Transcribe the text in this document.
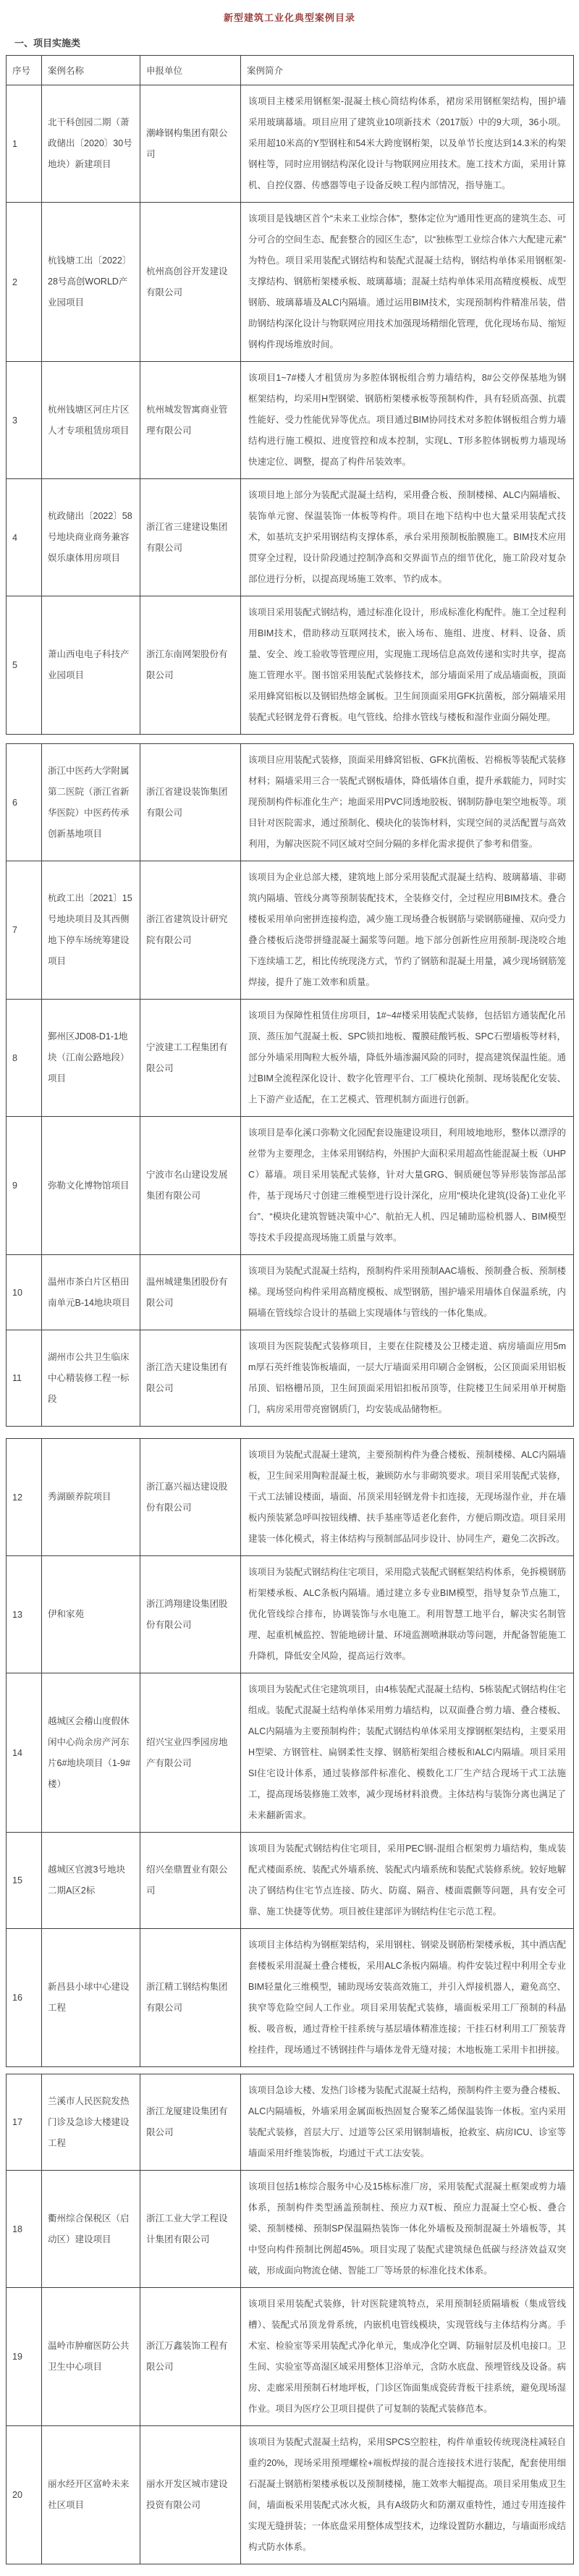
新型建筑工业化典型案例目录
一、项目实施类
序号	案例名称	申报单位	案例简介
1	北干科创园二期（萧政储出〔2020〕30号地块）新建项目	潮峰钢构集团有限公司	该项目主楼采用钢框架-混凝土核心筒结构体系，裙房采用钢框架结构，围护墙采用玻璃幕墙。项目应用了建筑业10项新技术（2017版）中的9大项，36小项。采用超10米高的Y型钢柱和54米大跨度钢桁架，以及单节长度达到14.3米的构架钢柱等，同时应用钢结构深化设计与物联网应用技术。施工技术方面，采用计算机、自控仪器、传感器等电子设备反映工程内部情况，指导施工。
2	杭钱塘工出〔2022〕28号高创WORLD产业园项目	杭州高创谷开发建设有限公司	该项目是钱塘区首个“未来工业综合体”，整体定位为“通用性更高的建筑生态、可分可合的空间生态、配套整合的园区生态”，以“独栋型工业综合体六大配建元素”为特色。项目采用装配式钢结构和装配式混凝土结构，钢结构单体采用钢框架-支撑结构、钢筋桁架楼承板、玻璃幕墙；混凝土结构单体采用高精度模板、成型钢筋、玻璃幕墙及ALC内隔墙。通过运用BIM技术，实现预制构件精准吊装，借助钢结构深化设计与物联网应用技术加强现场精细化管理，优化现场布局、缩短钢构件现场堆放时间。
3	杭州钱塘区河庄片区人才专项租赁房项目	杭州城发智寓商业管理有限公司	该项目1~7#楼人才租赁房为多腔体钢板组合剪力墙结构，8#公交停保基地为钢框架结构，均采用H型钢梁、钢筋桁架楼承板等预制构件，具有轻质高强、抗震性能好、受力性能优异等优点。项目通过BIM协同技术对多腔体钢板组合剪力墙结构进行施工模拟、进度管控和成本控制，实现L、T形多腔体钢板剪力墙现场快速定位、调整，提高了构件吊装效率。
4	杭政储出〔2022〕58号地块商业商务兼容娱乐康体用房项目	浙江省三建建设集团有限公司	该项目地上部分为装配式混凝土结构，采用叠合板、预制楼梯、ALC内隔墙板、装饰单元窗、保温装饰一体板等构件。项目在地下结构中也大量采用装配式技术，如基坑支护采用钢结构支撑体系，承台采用预制板胎膜施工。BIM技术应用贯穿全过程，设计阶段通过控制净高和交界面节点的细节优化，施工阶段对复杂部位进行分析，以提高现场施工效率、节约成本。
5	萧山西电电子科技产业园项目	浙江东南网架股份有限公司	该项目采用装配式钢结构，通过标准化设计，形成标准化构配件。施工全过程利用BIM技术，借助移动互联网技术，嵌入场布、施组、进度、材料、设备、质量、安全、竣工验收等管理应用，实现施工现场信息高效传递和实时共享，提高施工管理水平。图书馆采用装配式装修技术，部分墙面采用了成品墙面板，顶面采用蜂窝铝板以及钢铝热熔金属板。卫生间顶面采用GFK抗菌板，部分隔墙采用装配式轻钢龙骨石膏板。电气管线、给排水管线与楼板和湿作业面分隔处理。
6	浙江中医药大学附属第二医院（浙江省新华医院）中医药传承创新基地项目	浙江省建设装饰集团有限公司	该项目应用装配式装修，顶面采用蜂窝铝板、GFK抗菌板、岩棉板等装配式装修材料；隔墙采用三合一装配式钢板墙体，降低墙体自重，提升承载能力，同时实现预制构件标准化生产；地面采用PVC同透地胶板、钢制防静电架空地板等。项目针对医院需求，通过预制化、模块化的装饰材料，实现空间的灵活配置与高效利用，为解决医院不同区域对空间分隔的多样化需求提供了参考和借鉴。
7	杭政工出〔2021〕15号地块项目及其西侧地下停车场统筹建设项目	浙江省建筑设计研究院有限公司	该项目为企业总部大楼，建筑地上部分采用装配式混凝土结构、玻璃幕墙、非砌筑内隔墙、管线分离等预制装配技术，全装修交付，全过程应用BIM技术。叠合楼板采用单向密拼连接构造，减少施工现场叠合板钢筋与梁钢筋碰撞、双向受力叠合楼板后浇带拼缝混凝土漏浆等问题。地下部分创新性应用预制-现浇咬合地下连续墙工艺，相比传统现浇方式，节约了钢筋和混凝土用量，减少现场钢筋笼焊接，提升了施工效率和质量。
8	鄞州区JD08-D1-1地块（江南公路地段）项目	宁波建工工程集团有限公司	该项目为保障性租赁住房项目，1#~4#楼采用装配式装修，包括铝方通装配化吊顶、蒸压加气混凝土板、SPC锁扣地板、覆膜硅酸钙板、SPC石塑墙板等材料，部分外墙采用陶粒大板外墙，降低外墙渗漏风险的同时，提高建筑保温性能。通过BIM全流程深化设计、数字化管理平台、工厂模块化预制、现场装配化安装、上下游产业适配，在工艺模式、管理机制方面进行创新。
9	弥勒文化博物馆项目	宁波市名山建设发展集团有限公司	该项目是奉化溪口弥勒文化园配套设施建设项目，利用坡地地形，整体以漂浮的丝带为主要理念，主体采用钢结构，外围护大面积采用超高性能混凝土板（UHPC）幕墙。项目采用装配式装修，针对大量GRG、铜质硬包等异形装饰部品部件，基于现场尺寸创建三维模型进行设计深化，应用“模块化建筑(设备)工业化平台”、“模块化建筑智链决策中心”、航拍无人机、四足辅助巡检机器人、BIM模型等技术手段提高现场施工质量与效率。
10	温州市茶白片区梧田南单元B-14地块项目	温州城建集团股份有限公司	该项目为装配式混凝土结构，预制构件采用预制AAC墙板、预制叠合板、预制楼梯。现场竖向构件采用高精度模板、成型钢筋，围护墙采用墙体自保温系统，内隔墙在管线综合设计的基础上实现墙体与管线的一体化集成。
11	湖州市公共卫生临床中心精装修工程一标段	浙江浩天建设集团有限公司	该项目为医院装配式装修项目，主要在住院楼及公卫楼走道、病房墙面应用5mm厚石英纤维装饰板墙面，一层大厅墙面采用印刷合金钢板，公区顶面采用铝板吊顶、铝格栅吊顶，卫生间顶面采用铝扣板吊顶等，住院楼卫生间采用单开树脂门，病房采用带亮窗钢质门，均安装成品储物柜。
12	秀湖颐养院项目	浙江嘉兴福达建设股份有限公司	该项目为装配式混凝土建筑，主要预制构件为叠合楼板、预制楼梯、ALC内隔墙板，卫生间采用陶粒混凝土板，兼顾防水与非砌筑要求。项目采用装配式装修，干式工法铺设楼面，墙面、吊顶采用轻钢龙骨卡扣连接，无现场湿作业，并在墙板内预装紧急呼叫按钮线槽、扶手基座等适老化套件，方便后期改造。项目采用建装一体化模式，将主体结构与预制部品同步设计、协同生产，避免二次拆改。
13	伊和家苑	浙江鸿翔建设集团股份有限公司	该项目为装配式钢结构住宅项目，采用隐式装配式钢框架结构体系，免拆模钢筋桁架楼承板、ALC条板内隔墙。通过建立多专业BIM模型，指导复杂节点施工，优化管线综合排布，协调装饰与水电施工。利用智慧工地平台，解决实名制管理、起重机械监控、智能地磅计量、环境监测喷淋联动等问题，并配备智能施工升降机，降低安全风险，提高运行效率。
14	越城区会稽山度假休闲中心尚余房产河东片6#地块项目（1-9#楼）	绍兴宝业四季园房地产有限公司	该项目为装配式住宅建筑项目，由4栋装配式混凝土结构、5栋装配式钢结构住宅组成。装配式混凝土结构单体采用剪力墙结构，以双面叠合剪力墙、叠合楼板、ALC内隔墙为主要预制构件；装配式钢结构单体采用支撑钢框架结构，主要采用H型梁、方钢管柱、扁钢柔性支撑、钢筋桁架组合楼板和ALC内隔墙。项目采用SI住宅设计体系，通过装修部件标准化、模数化工厂生产结合现场干式工法施工，提高现场装修施工效率，减少现场材料浪费。主体结构与装饰分离也满足了未来翻新需求。
15	越城区官渡3号地块二期A区2标	绍兴垒鼎置业有限公司	该项目为装配式钢结构住宅项目，采用PEC钢-混组合框架剪力墙结构，集成装配式楼面系统、装配式外墙系统、装配式内墙系统和装配式装修系统。较好地解决了钢结构住宅节点连接、防火、防腐、隔音、楼面震颤等问题，具有安全可靠、施工快捷等优势。项目被住建部评为钢结构住宅示范工程。
16	新昌县小球中心建设工程	浙江精工钢结构集团有限公司	该项目主体结构为钢框架结构，采用钢柱、钢梁及钢筋桁架楼承板，其中酒店配套楼板采用混凝土叠合楼板，采用ALC条板内隔墙。构件安装过程中利用全专业BIM轻量化三维模型，辅助现场安装高效施工，并引入焊接机器人，避免高空、狭窄等危险空间人工作业。项目采用装配式装修，墙面板采用工厂预制的科晶板、吸音板，通过背栓干挂系统与基层墙体精准连接；干挂石材利用工厂预装背栓挂件，现场通过不锈钢挂件与墙体龙骨无缝对接；木地板施工采用卡扣拼接。
17	兰溪市人民医院发热门诊及急诊大楼建设工程	浙江龙厦建设集团有限公司	该项目急诊大楼、发热门诊楼为装配式混凝土结构，预制构件主要为叠合楼板、ALC内隔墙板，外墙采用金属面板热固复合聚苯乙烯保温装饰一体板。室内采用装配式装修，首层大厅、过道等公区采用钢制墙板，抢救室、病房ICU、诊室等墙面采用纤维装饰板，均通过干式工法安装。
18	衢州综合保税区（启动区）建设项目	浙江工业大学工程设计集团有限公司	该项目包括1栋综合服务中心及15栋标准厂房，采用装配式混凝土框架或剪力墙体系，预制构件类型涵盖预制柱、预应力双T板、预应力混凝土空心板、叠合梁、预制楼梯、预制SP保温隔热装饰一体化外墙板及预制混凝土外墙板等，其中竖向构件预制比例超45%。项目实现了装配式建筑绿色低碳与经济效益双突破，形成面向物流仓储、智能工厂等场景的标准化技术体系。
19	温岭市肿瘤医防公共卫生中心项目	浙江万鑫装饰工程有限公司	该项目采用装配式装修，针对医院建筑特点，采用预制轻质隔墙板（集成管线槽）、装配式吊顶龙骨系统，内嵌机电管线模块，实现管线与主体结构分离。手术室、检验室等采用装配式净化单元，集成净化空调、防辐射层及机电接口。卫生间、实验室等高湿区域采用整体卫浴单元，含防水底盘、预埋管线及设备。病房、走廊采用预制石材地坪板，门诊区饰面集成瓷砖背板干挂系统，避免现场湿作业。项目为医疗公卫项目提供了可复制的装配式装修范本。
20	丽水经开区富岭未来社区项目	丽水开发区城市建设投资有限公司	该项目为装配式混凝土结构，采用SPCS空腔柱，构件单重较传统现浇柱减轻自重约20%，现场采用预埋螺栓+端板焊接的混合连接技术进行装配，配套使用细石混凝土钢筋桁架楼承板以及预制楼梯，施工效率大幅提高。项目采用集成卫生间，墙面板采用装配式冰火板，具有A级防火和防潮双重特性，通过专用连接件实现无缝拼装；一体底盘采用整体成型技术，边缘设置防水翻边，与墙面形成结构式防水体系。
